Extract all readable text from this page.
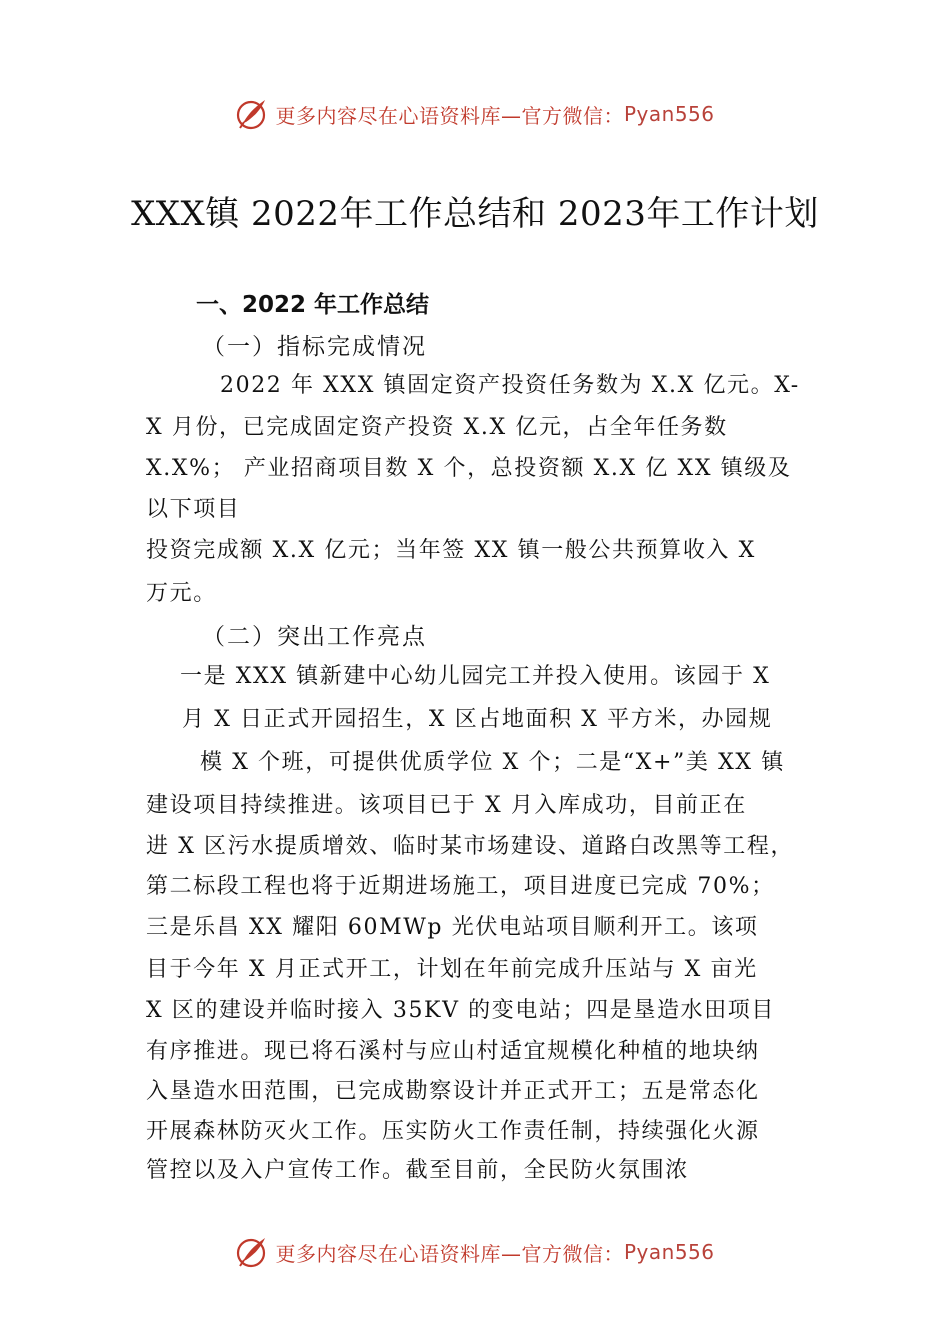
更多内容尽在心语资料库—官方微信： Pyan556
XXX镇 2022年工作总结和 2023年工作计划
一、2022 年工作总结
（一）指标完成情况
2022 年 XXX 镇固定资产投资任务数为 X.X 亿元。X-
X 月份，已完成固定资产投资 X.X 亿元，占全年任务数
X.X%； 产业招商项目数 X 个，总投资额 X.X 亿 XX 镇级及
以下项目
投资完成额 X.X 亿元；当年签 XX 镇一般公共预算收入 X
万元。
（二）突出工作亮点
一是 XXX 镇新建中心幼儿园完工并投入使用。该园于 X
月 X 日正式开园招生，X 区占地面积 X 平方米，办园规
模 X 个班，可提供优质学位 X 个；二是“X+”美 XX 镇
建设项目持续推进。该项目已于 X 月入库成功，目前正在
进 X 区污水提质增效、临时某市场建设、道路白改黑等工程，
第二标段工程也将于近期进场施工，项目进度已完成 70%；
三是乐昌 XX 耀阳 60MWp 光伏电站项目顺利开工。该项
目于今年 X 月正式开工，计划在年前完成升压站与 X 亩光
X 区的建设并临时接入 35KV 的变电站；四是垦造水田项目
有序推进。现已将石溪村与应山村适宜规模化种植的地块纳
入垦造水田范围，已完成勘察设计并正式开工；五是常态化
开展森林防灭火工作。压实防火工作责任制，持续强化火源
管控以及入户宣传工作。截至目前，全民防火氛围浓
更多内容尽在心语资料库—官方微信： Pyan556
